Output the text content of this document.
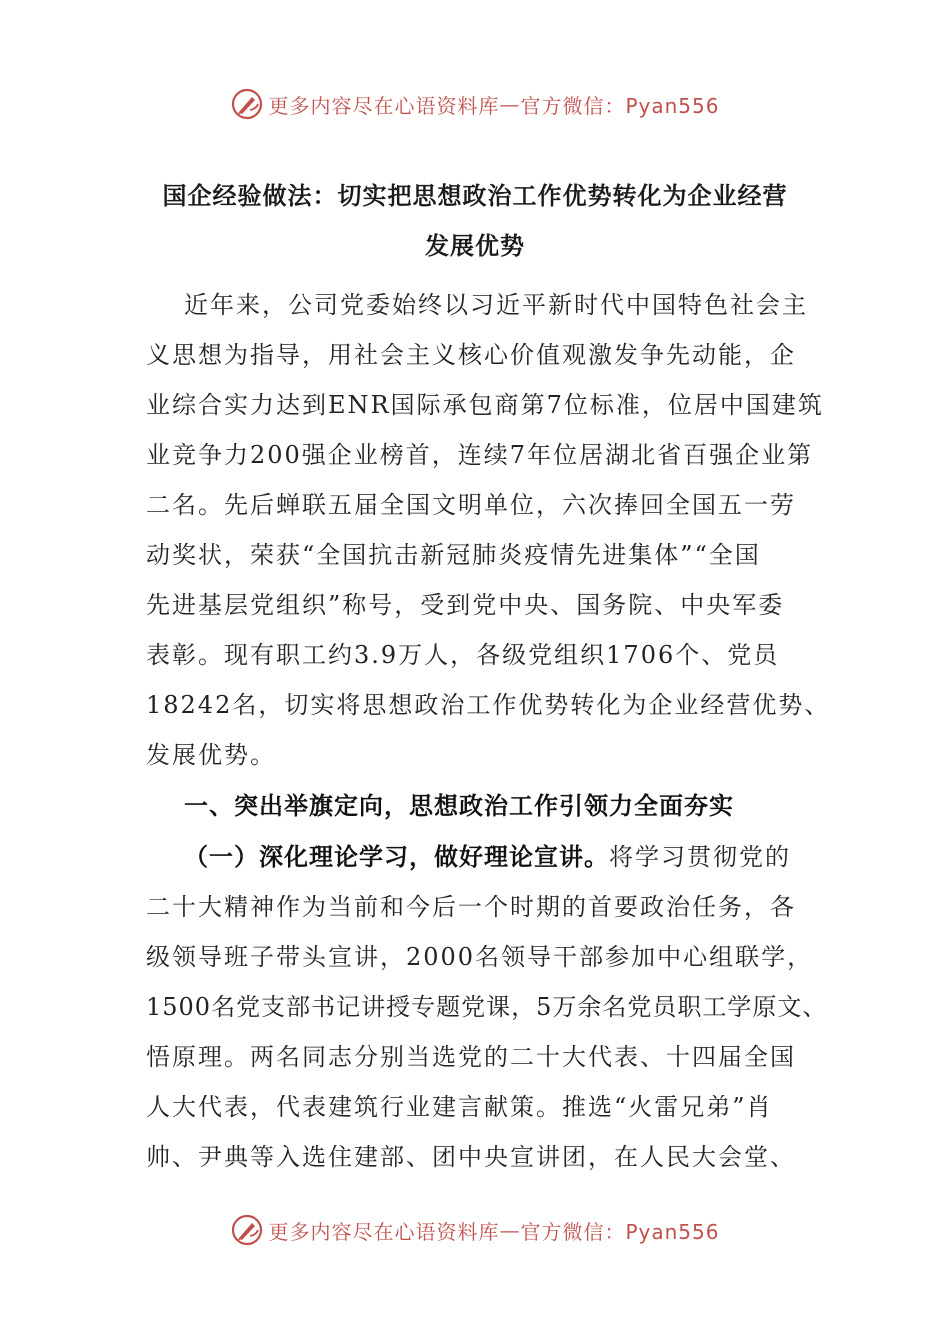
更多内容尽在心语资料库 — 官方微信：Pyan556
国企经验做法：切实把思想政治工作优势转化为企业经营
发展优势
近年来，公司党委始终以习近平新时代中国特色社会主
义思想为指导，用社会主义核心价值观激发争先动能，企
业综合实力达到ENR国际承包商第7位标准，位居中国建筑
业竞争力200强企业榜首，连续7年位居湖北省百强企业第
二名。先后蝉联五届全国文明单位，六次捧回全国五一劳
动奖状，荣获“全国抗击新冠肺炎疫情先进集体”“全国
先进基层党组织”称号，受到党中央、国务院、中央军委
表彰。现有职工约3.9万人，各级党组织1706个、党员
18242名，切实将思想政治工作优势转化为企业经营优势、
发展优势。
一、突出举旗定向，思想政治工作引领力全面夯实
（一）深化理论学习，做好理论宣讲。将学习贯彻党的
二十大精神作为当前和今后一个时期的首要政治任务，各
级领导班子带头宣讲，2000名领导干部参加中心组联学，
1500名党支部书记讲授专题党课，5万余名党员职工学原文、
悟原理。两名同志分别当选党的二十大代表、十四届全国
人大代表，代表建筑行业建言献策。推选“火雷兄弟”肖
帅、尹典等入选住建部、团中央宣讲团，在人民大会堂、
更多内容尽在心语资料库 — 官方微信：Pyan556
